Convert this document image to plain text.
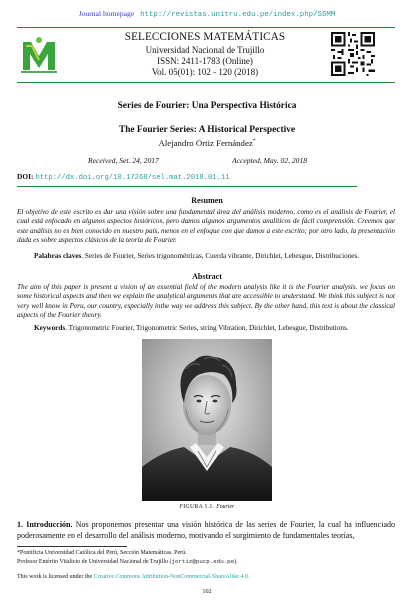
Journal homepage http://revistas.unitru.edu.pe/index.php/SSMM
SELECCIONES MATEMÁTICAS
Universidad Nacional de Trujillo
ISSN: 2411-1783 (Online)
Vol. 05(01): 102 - 120 (2018)
Series de Fourier: Una Perspectiva Histórica
The Fourier Series: A Historical Perspective
Alejandro Ortiz Fernández*
Received, Set. 24, 2017	Accepted, May. 02, 2018
DOI: http://dx.doi.org/10.17268/sel.mat.2018.01.11
Resumen
El objetivo de este escrito es dar una visión sobre una fundamental área del análisis moderno, como es el análisis de Fourier, el cual está enfocado en algunos aspectos históricos, pero damos algunos argumentos analíticos de fácil comprensión. Creemos que este análisis no es bien conocido en nuestro país, menos en el enfoque con que damos a este escrito; por otro lado, la presentación dada es sobre aspectos clásicos de la teoría de Fourier.
Palabras claves. Series de Fourier, Series trigonométricas, Cuerda vibrante, Dirichlet, Lebesgue, Distribuciones.
Abstract
The aim of this paper is present a vision of an essential field of the modern analysis like it is the Fourier analysis. we focus on some historical aspects and then we explain the analytical arguments that are accessible to understand. We think this subject is not very well know in Peru, our country, especially inthe way we address this subject. By the other hand, this text is about the classical aspects of the Fourier theory.
Keywords. Trigonometric Fourier, Trigonometric Series, string Vibration, Dirichlet, Lebesgue, Distributions.
FIGURA 1.1. Fourier
1. Introducción. Nos proponemos presentar una visión histórica de las series de Fourier, la cual ha influenciado poderosamente en el desarrollo del análisis moderno, motivando el surgimiento de fundamentales teorías,
*Pontificia Universidad Católica del Perú, Sección Matemáticas. Perú.
Profesor Emérito Vitalicio de Universidad Nacional de Trujillo (jortiz@pucp.edu.pe).
This work is licensed under the Creative Commons Attribution-NonCommercial-ShareAlike 4.0.
102
